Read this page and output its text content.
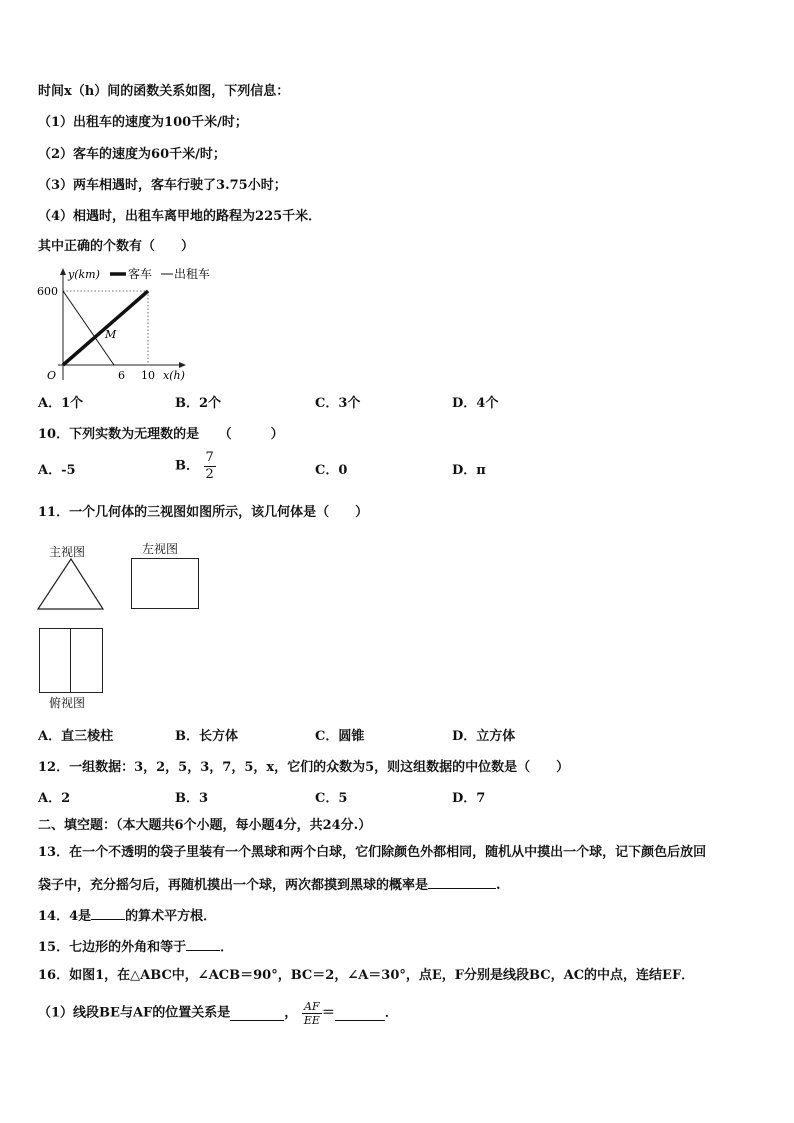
时间x（h）间的函数关系如图，下列信息：
（1）出租车的速度为100千米/时；
（2）客车的速度为60千米/时；
（3）两车相遇时，客车行驶了3.75小时；
（4）相遇时，出租车离甲地的路程为225千米．
其中正确的个数有（　　）
y(km)
600
O	6 10 x(h)
M
客车 出租车
A．1个	B．2个	C．3个	D．4个
10．下列实数为无理数的是　　（　　　）
A．-5	B． $\frac{7}{2}$	C．0	D．π
11．一个几何体的三视图如图所示，该几何体是（　　）
主视图	左视图
俯视图
A．直三棱柱	B．长方体	C．圆锥	D．立方体
12．一组数据：3，2，5，3，7，5，x，它们的众数为5，则这组数据的中位数是（　　）
A．2	B．3	C．5	D．7
二、填空题：（本大题共6个小题，每小题4分，共24分.）
13．在一个不透明的袋子里装有一个黑球和两个白球，它们除颜色外都相同，随机从中摸出一个球，记下颜色后放回
袋子中，充分摇匀后，再随机摸出一个球，两次都摸到黑球的概率是	.
14．4是	的算术平方根．
15．七边形的外角和等于	．
16．如图1，在△ABC中，∠ACB＝90°，BC＝2，∠A＝30°，点E，F分别是线段BC，AC的中点，连结EF．
（1）线段BE与AF的位置关系是	， $\frac{AF}{EE}$ ＝	．
